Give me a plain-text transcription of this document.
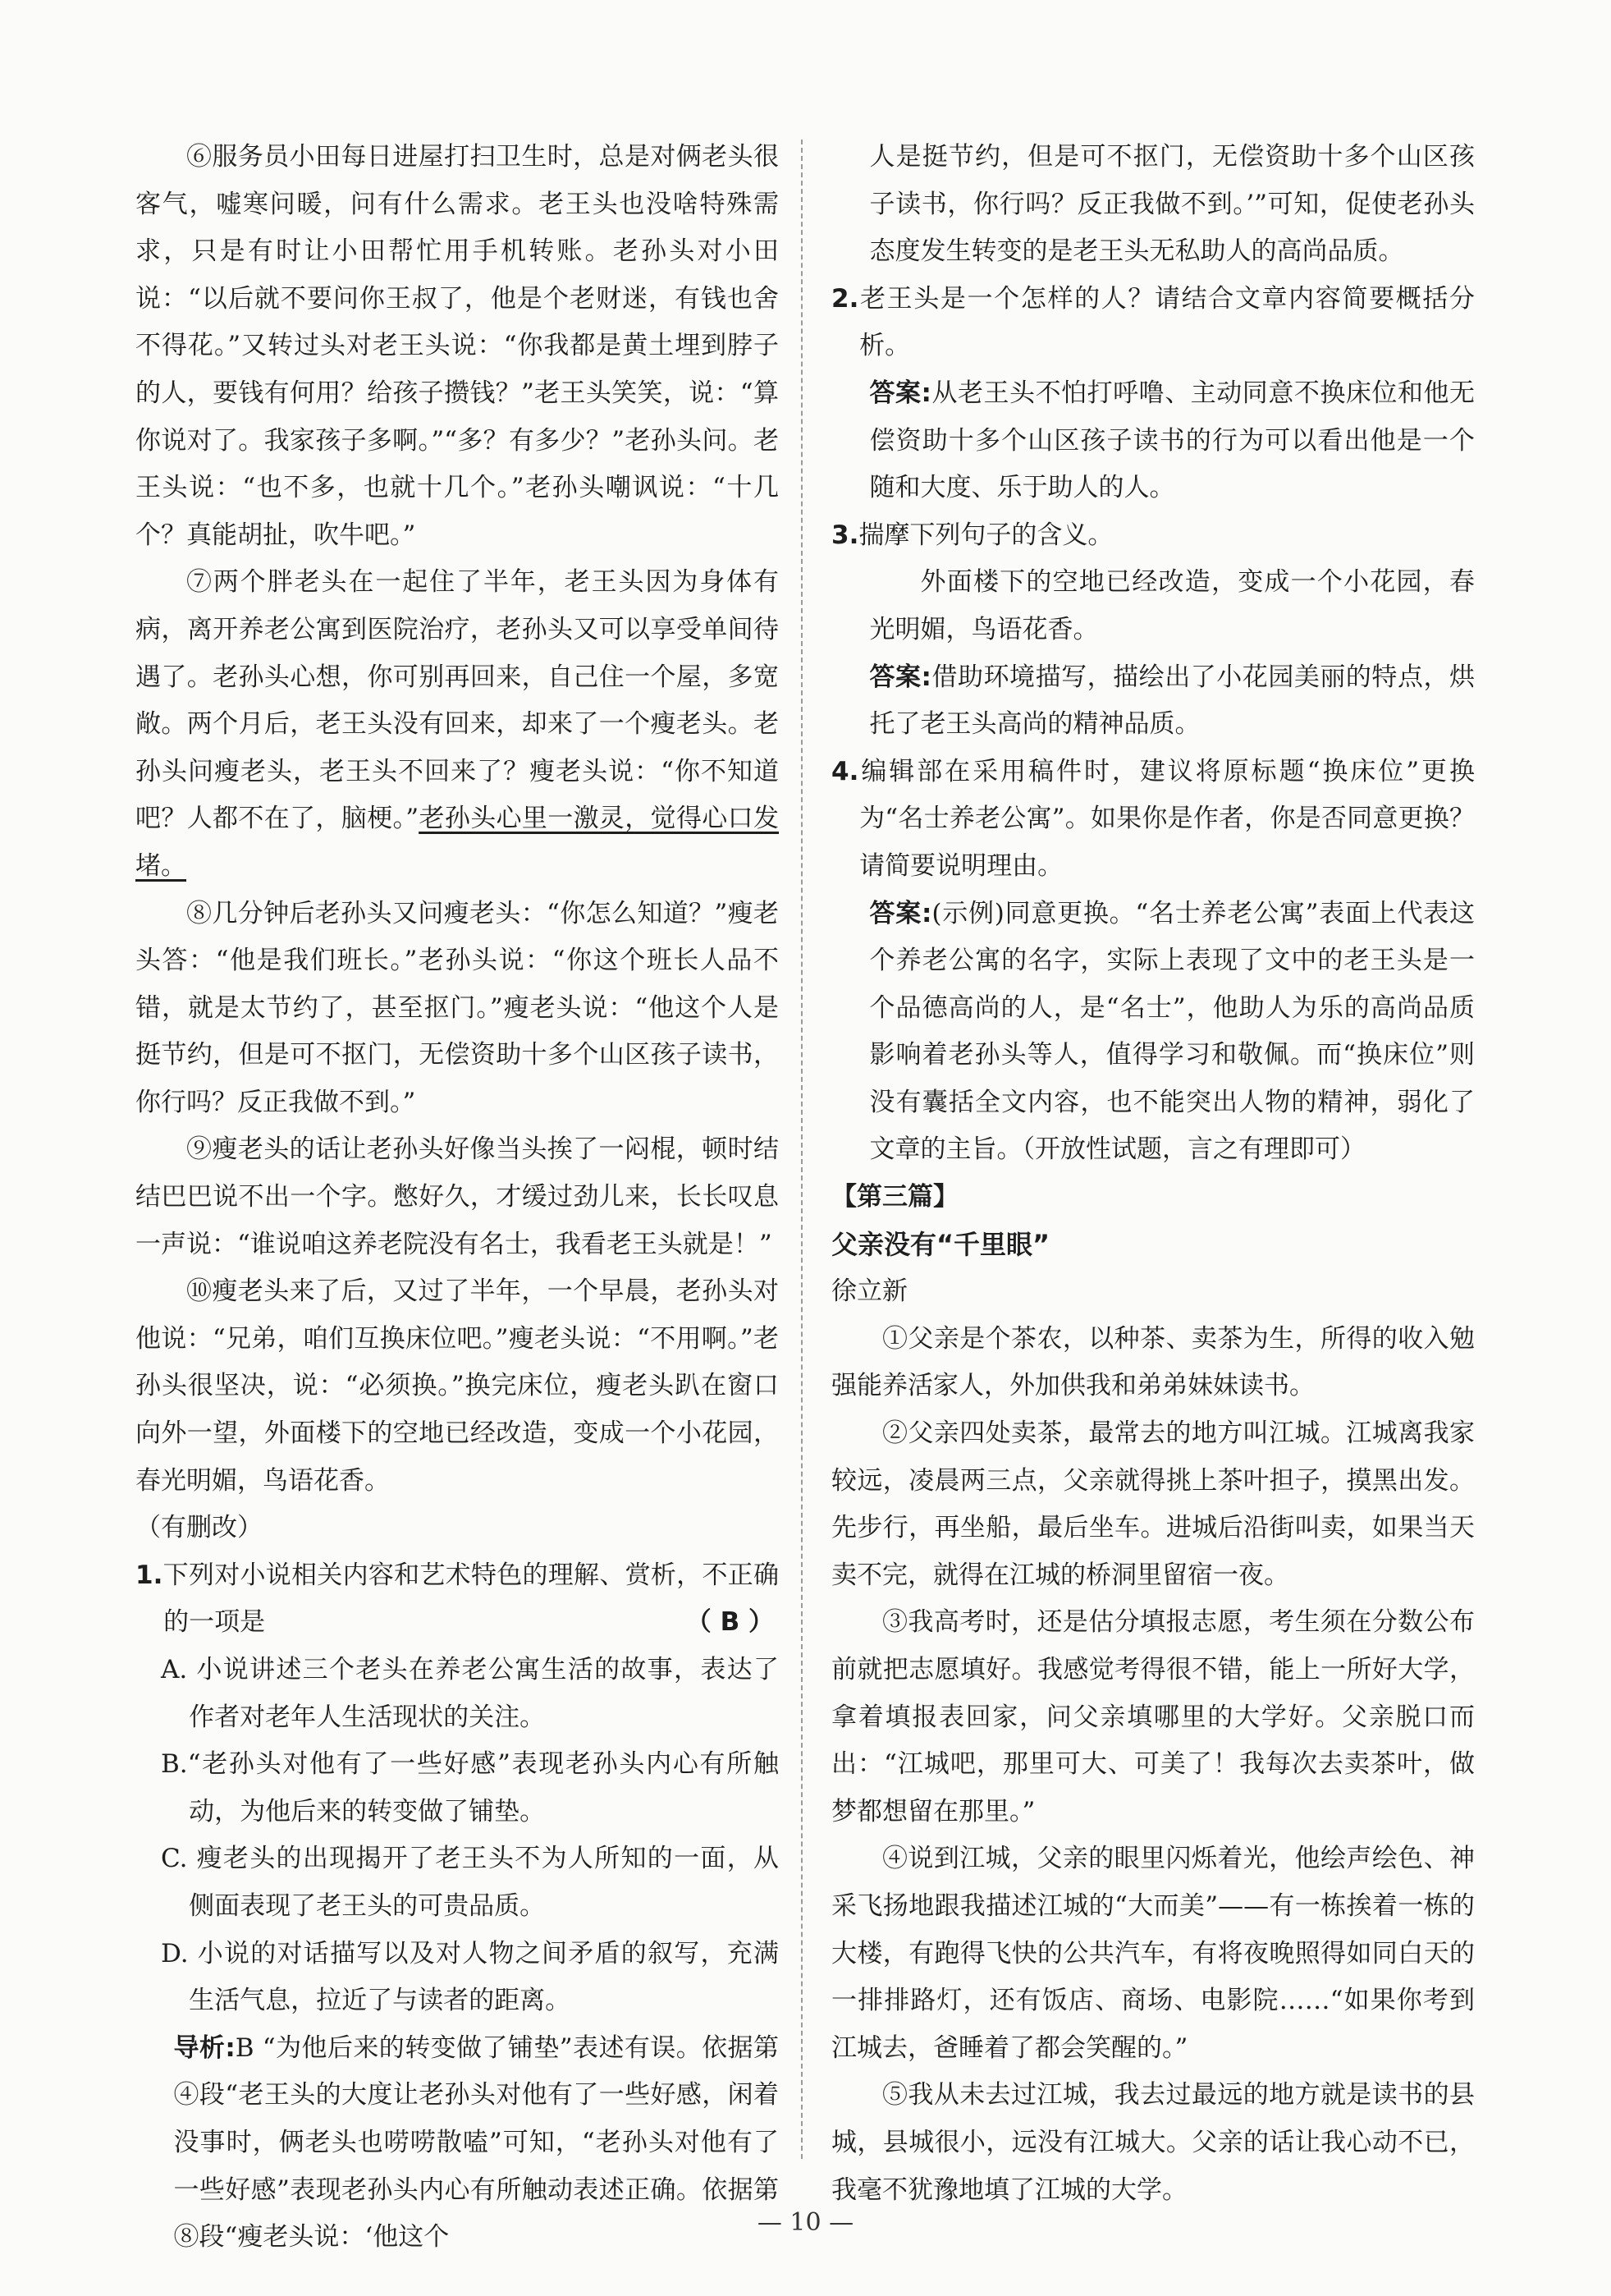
⑥服务员小田每日进屋打扫卫生时，总是对俩老头很客气，嘘寒问暖，问有什么需求。老王头也没啥特殊需求，只是有时让小田帮忙用手机转账。老孙头对小田说：“以后就不要问你王叔了，他是个老财迷，有钱也舍不得花。”又转过头对老王头说：“你我都是黄土埋到脖子的人，要钱有何用？给孩子攒钱？”老王头笑笑，说：“算你说对了。我家孩子多啊。”“多？有多少？”老孙头问。老王头说：“也不多，也就十几个。”老孙头嘲讽说：“十几个？真能胡扯，吹牛吧。”

⑦两个胖老头在一起住了半年，老王头因为身体有病，离开养老公寓到医院治疗，老孙头又可以享受单间待遇了。老孙头心想，你可别再回来，自己住一个屋，多宽敞。两个月后，老王头没有回来，却来了一个瘦老头。老孙头问瘦老头，老王头不回来了？瘦老头说：“你不知道吧？人都不在了，脑梗。”老孙头心里一激灵，觉得心口发堵。

⑧几分钟后老孙头又问瘦老头：“你怎么知道？”瘦老头答：“他是我们班长。”老孙头说：“你这个班长人品不错，就是太节约了，甚至抠门。”瘦老头说：“他这个人是挺节约，但是可不抠门，无偿资助十多个山区孩子读书，你行吗？反正我做不到。”

⑨瘦老头的话让老孙头好像当头挨了一闷棍，顿时结结巴巴说不出一个字。憋好久，才缓过劲儿来，长长叹息一声说：“谁说咱这养老院没有名士，我看老王头就是！”

⑩瘦老头来了后，又过了半年，一个早晨，老孙头对他说：“兄弟，咱们互换床位吧。”瘦老头说：“不用啊。”老孙头很坚决，说：“必须换。”换完床位，瘦老头趴在窗口向外一望，外面楼下的空地已经改造，变成一个小花园，春光明媚，鸟语花香。

（有删改）

1.下列对小说相关内容和艺术特色的理解、赏析，不正确的一项是	（ B ）

A. 小说讲述三个老头在养老公寓生活的故事，表达了作者对老年人生活现状的关注。

B.“老孙头对他有了一些好感”表现老孙头内心有所触动，为他后来的转变做了铺垫。

C. 瘦老头的出现揭开了老王头不为人所知的一面，从侧面表现了老王头的可贵品质。

D. 小说的对话描写以及对人物之间矛盾的叙写，充满生活气息，拉近了与读者的距离。

导析:B “为他后来的转变做了铺垫”表述有误。依据第④段“老王头的大度让老孙头对他有了一些好感，闲着没事时，俩老头也唠唠散嗑”可知，“老孙头对他有了一些好感”表现老孙头内心有所触动表述正确。依据第⑧段“瘦老头说：‘他这个

人是挺节约，但是可不抠门，无偿资助十多个山区孩子读书，你行吗？反正我做不到。’”可知，促使老孙头态度发生转变的是老王头无私助人的高尚品质。

2.老王头是一个怎样的人？请结合文章内容简要概括分析。

答案:从老王头不怕打呼噜、主动同意不换床位和他无偿资助十多个山区孩子读书的行为可以看出他是一个随和大度、乐于助人的人。

3.揣摩下列句子的含义。

外面楼下的空地已经改造，变成一个小花园，春光明媚，鸟语花香。

答案:借助环境描写，描绘出了小花园美丽的特点，烘托了老王头高尚的精神品质。

4.编辑部在采用稿件时，建议将原标题“换床位”更换为“名士养老公寓”。如果你是作者，你是否同意更换？请简要说明理由。

答案:(示例)同意更换。“名士养老公寓”表面上代表这个养老公寓的名字，实际上表现了文中的老王头是一个品德高尚的人，是“名士”，他助人为乐的高尚品质影响着老孙头等人，值得学习和敬佩。而“换床位”则没有囊括全文内容，也不能突出人物的精神，弱化了文章的主旨。（开放性试题，言之有理即可）

【第三篇】

父亲没有“千里眼”

徐立新

①父亲是个茶农，以种茶、卖茶为生，所得的收入勉强能养活家人，外加供我和弟弟妹妹读书。

②父亲四处卖茶，最常去的地方叫江城。江城离我家较远，凌晨两三点，父亲就得挑上茶叶担子，摸黑出发。先步行，再坐船，最后坐车。进城后沿街叫卖，如果当天卖不完，就得在江城的桥洞里留宿一夜。

③我高考时，还是估分填报志愿，考生须在分数公布前就把志愿填好。我感觉考得很不错，能上一所好大学，拿着填报表回家，问父亲填哪里的大学好。父亲脱口而出：“江城吧，那里可大、可美了！我每次去卖茶叶，做梦都想留在那里。”

④说到江城，父亲的眼里闪烁着光，他绘声绘色、神采飞扬地跟我描述江城的“大而美”——有一栋挨着一栋的大楼，有跑得飞快的公共汽车，有将夜晚照得如同白天的一排排路灯，还有饭店、商场、电影院……“如果你考到江城去，爸睡着了都会笑醒的。”

⑤我从未去过江城，我去过最远的地方就是读书的县城，县城很小，远没有江城大。父亲的话让我心动不已，我毫不犹豫地填了江城的大学。

— 10 —
